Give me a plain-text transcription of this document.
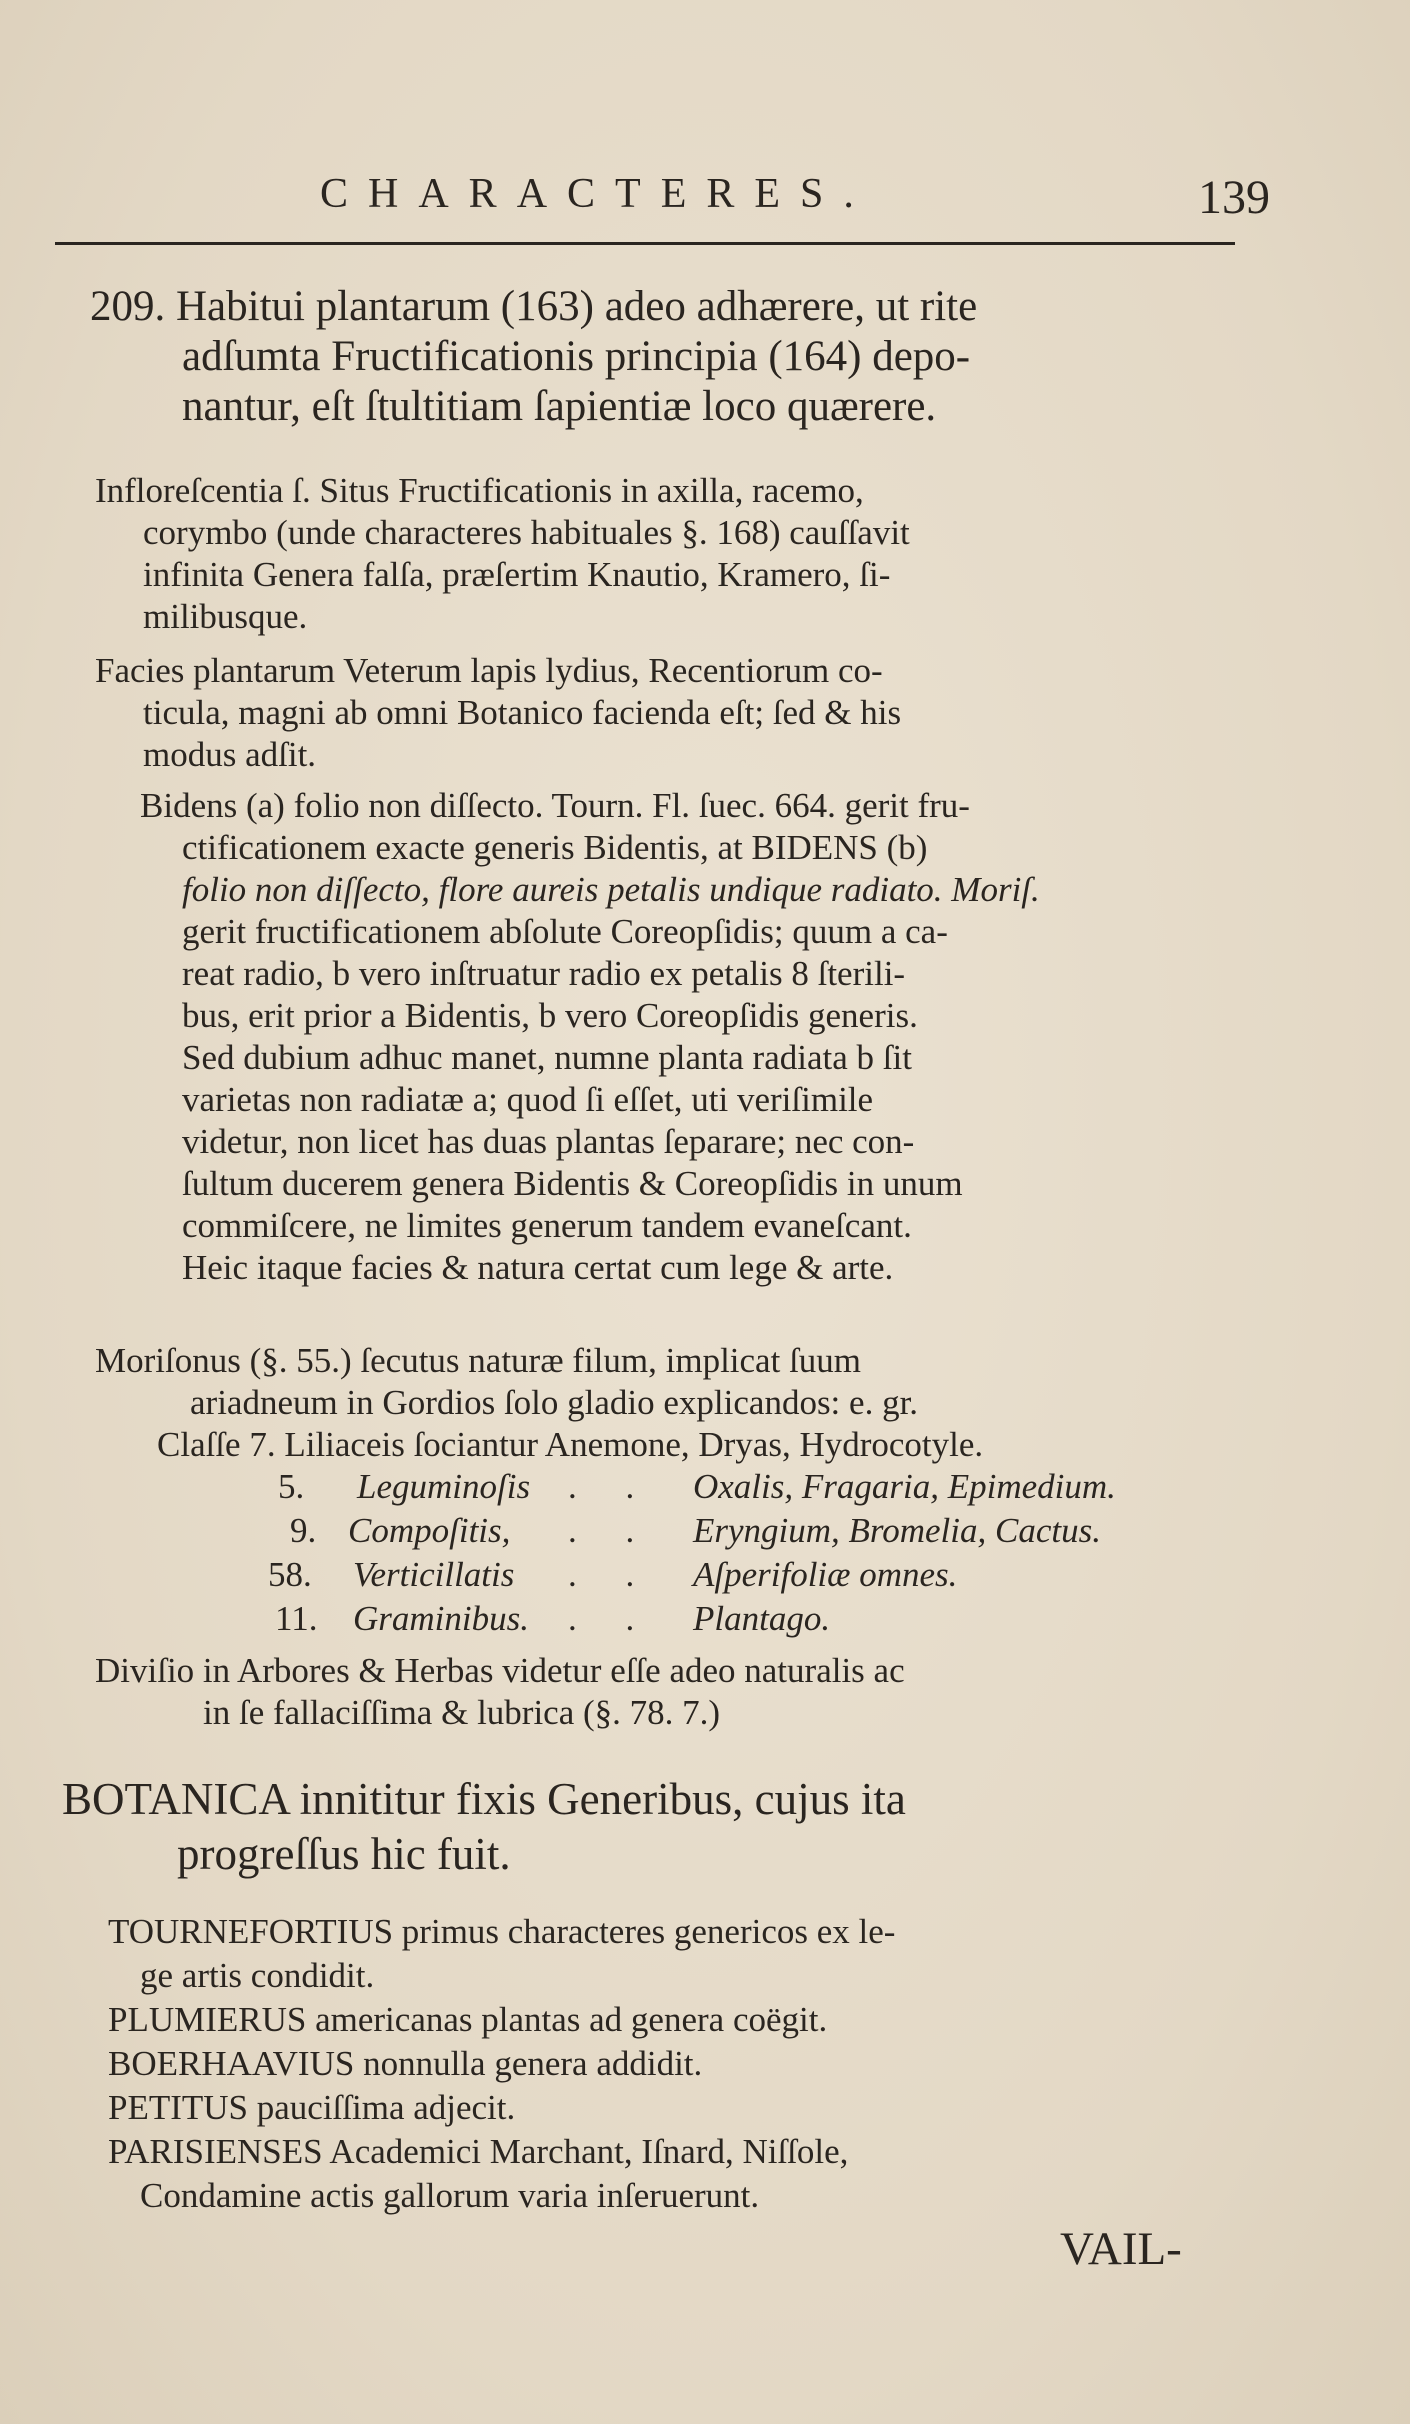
CHARACTERES.	139
209. Habitui plantarum (163) adeo adhærere, ut rite
adſumta Fructificationis principia (164) depo-
nantur, eſt ſtultitiam ſapientiæ loco quærere.
Infloreſcentia ſ. Situs Fructificationis in axilla, racemo,
corymbo (unde characteres habituales §. 168) cauſſavit
infinita Genera falſa, præſertim Knautio, Kramero, ſi-
milibusque.
Facies plantarum Veterum lapis lydius, Recentiorum co-
ticula, magni ab omni Botanico facienda eſt; ſed & his
modus adſit.
Bidens (a) folio non diſſecto. Tourn. Fl. ſuec. 664. gerit fru-
ctificationem exacte generis Bidentis, at BIDENS (b)
folio non diſſecto, flore aureis petalis undique radiato. Moriſ.
gerit fructificationem abſolute Coreopſidis; quum a ca-
reat radio, b vero inſtruatur radio ex petalis 8 ſterili-
bus, erit prior a Bidentis, b vero Coreopſidis generis.
Sed dubium adhuc manet, numne planta radiata b ſit
varietas non radiatæ a; quod ſi eſſet, uti veriſimile
videtur, non licet has duas plantas ſeparare; nec con-
ſultum ducerem genera Bidentis & Coreopſidis in unum
commiſcere, ne limites generum tandem evaneſcant.
Heic itaque facies & natura certat cum lege & arte.
Moriſonus (§. 55.) ſecutus naturæ filum, implicat ſuum
ariadneum in Gordios ſolo gladio explicandos: e. gr.
Claſſe 7. Liliaceis ſociantur Anemone, Dryas, Hydrocotyle.
5. Leguminoſis . . Oxalis, Fragaria, Epimedium.
9. Compoſitis, . . Eryngium, Bromelia, Cactus.
58. Verticillatis . . Aſperifoliæ omnes.
11. Graminibus. . . Plantago.
Diviſio in Arbores & Herbas videtur eſſe adeo naturalis ac
in ſe fallaciſſima & lubrica (§. 78. 7.)
BOTANICA innititur fixis Generibus, cujus ita
progreſſus hic fuit.
TOURNEFORTIUS primus characteres genericos ex le-
ge artis condidit.
PLUMIERUS americanas plantas ad genera coëgit.
BOERHAAVIUS nonnulla genera addidit.
PETITUS pauciſſima adjecit.
PARISIENSES Academici Marchant, Iſnard, Niſſole,
Condamine actis gallorum varia inſeruerunt.
VAIL-
